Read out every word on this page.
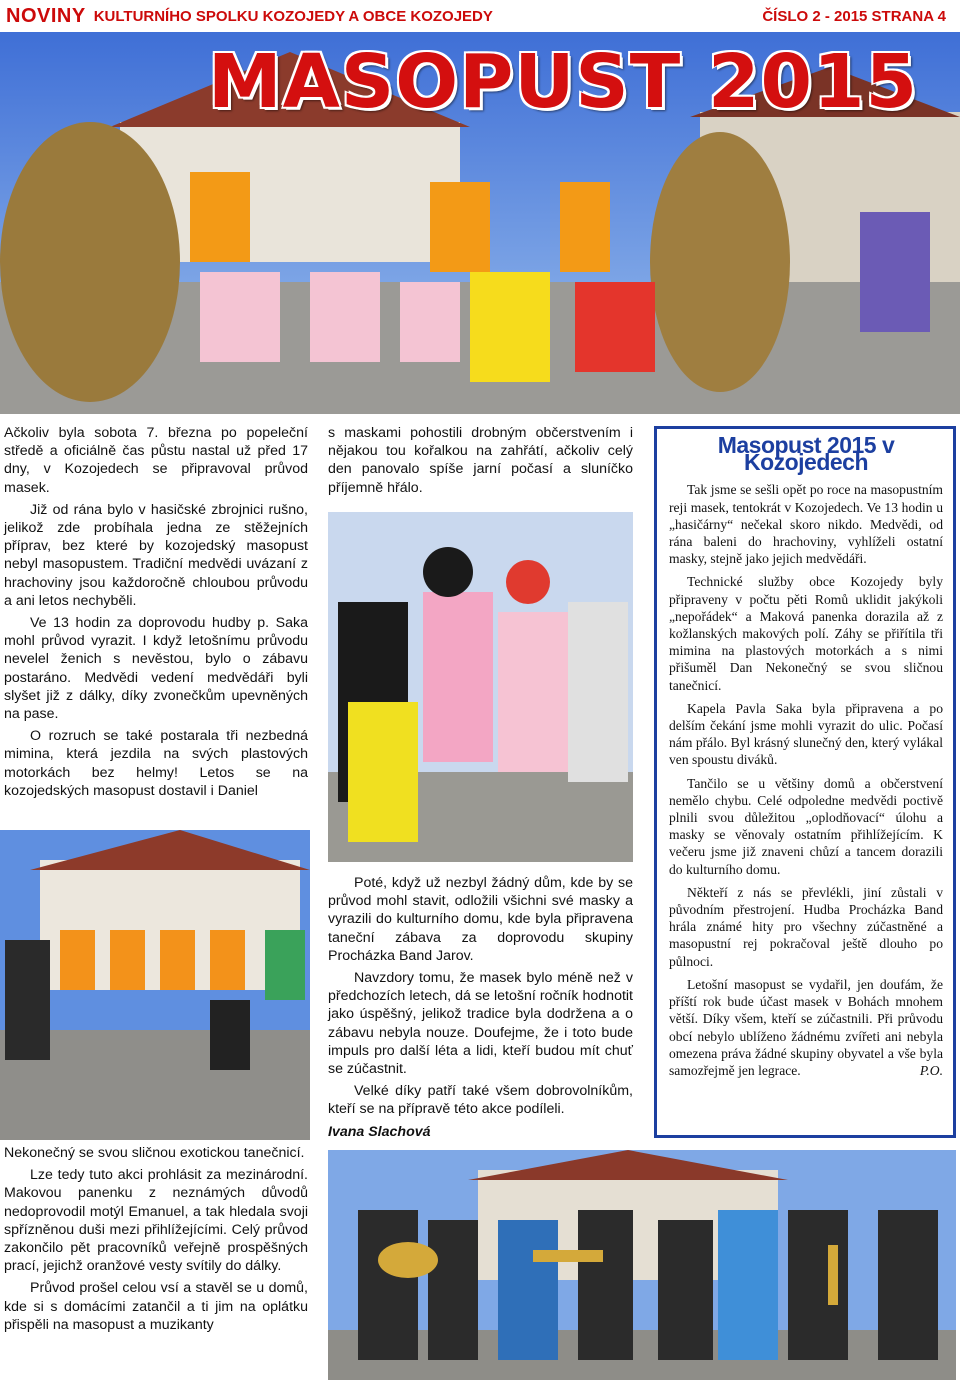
NOVINY KULTURNÍHO SPOLKU KOZOJEDY A OBCE KOZOJEDY	ČÍSLO 2 - 2015 STRANA 4
MASOPUST 2015

Ačkoliv byla sobota 7. března po popeleční středě a oficiálně čas půstu nastal už před 17 dny, v Kozojedech se připravoval průvod masek.

Již od rána bylo v hasičské zbrojnici rušno, jelikož zde probíhala jedna ze stěžejních příprav, bez které by kozojedský masopust nebyl masopustem. Tradiční medvědi uvázaní z hrachoviny jsou každoročně chloubou průvodu a ani letos nechyběli.

Ve 13 hodin za doprovodu hudby p. Saka mohl průvod vyrazit. I když letošnímu průvodu nevelel ženich s nevěstou, bylo o zábavu postaráno. Medvědi vedení medvědáři byli slyšet již z dálky, díky zvonečkům upevněných na pase.

O rozruch se také postarala tři nezbedná mimina, která jezdila na svých plastových motorkách bez helmy! Letos se na kozojedských masopust dostavil i Daniel

Nekonečný se svou sličnou exotickou tanečnicí.

Lze tedy tuto akci prohlásit za mezinárodní. Makovou panenku z neznámých důvodů nedoprovodil motýl Emanuel, a tak hledala svoji spřízněnou duši mezi přihlížejícími. Celý průvod zakončilo pět pracovníků veřejně prospěšných prací, jejichž oranžové vesty svítily do dálky.

Průvod prošel celou vsí a stavěl se u domů, kde si s domácími zatančil a ti jim na oplátku přispěli na masopust a muzikanty

s maskami pohostili drobným občerstvením i nějakou tou kořalkou na zahřátí, ačkoliv celý den panovalo spíše jarní počasí a sluníčko příjemně hřálo.

Poté, když už nezbyl žádný dům, kde by se průvod mohl stavit, odložili všichni své masky a vyrazili do kulturního domu, kde byla připravena taneční zábava za doprovodu skupiny Procházka Band Jarov.

Navzdory tomu, že masek bylo méně než v předchozích letech, dá se letošní ročník hodnotit jako úspěšný, jelikož tradice byla dodržena a o zábavu nebyla nouze. Doufejme, že i toto bude impuls pro další léta a lidi, kteří budou mít chuť se zúčastnit.

Velké díky patří také všem dobrovolníkům, kteří se na přípravě této akce podíleli.

Ivana Slachová

Masopust 2015 v Kozojedech

Tak jsme se sešli opět po roce na masopustním reji masek, tentokrát v Kozojedech. Ve 13 hodin u „hasičárny“ nečekal skoro nikdo. Medvědi, od rána baleni do hrachoviny, vyhlíželi ostatní masky, stejně jako jejich medvědáři.

Technické služby obce Kozojedy byly připraveny v počtu pěti Romů uklidit jakýkoli „nepořádek“ a Maková panenka dorazila až z kožlanských makových polí. Záhy se přiřítila tři mimina na plastových motorkách a s nimi přišuměl Dan Nekonečný se svou sličnou tanečnicí.

Kapela Pavla Saka byla připravena a po delším čekání jsme mohli vyrazit do ulic. Počasí nám přálo. Byl krásný slunečný den, který vylákal ven spoustu diváků.

Tančilo se u většiny domů a občerstvení nemělo chybu. Celé odpoledne medvědi poctivě plnili svou důležitou „oplodňovací“ úlohu a masky se věnovaly ostatním přihlížejícím. K večeru jsme již znaveni chůzí a tancem dorazili do kulturního domu.

Někteří z nás se převlékli, jiní zůstali v původním přestrojení. Hudba Procházka Band hrála známé hity pro všechny zúčastněné a masopustní rej pokračoval ještě dlouho po půlnoci.

Letošní masopust se vydařil, jen doufám, že příští rok bude účast masek v Bohách mnohem větší. Díky všem, kteří se zúčastnili. Při průvodu obcí nebylo ublíženo žádnému zvířeti ani nebyla omezena práva žádné skupiny obyvatel a vše byla samozřejmě jen legrace.	P.O.
